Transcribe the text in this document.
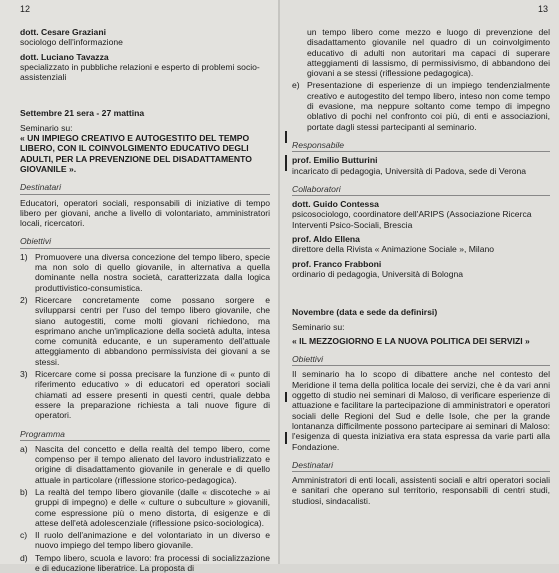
12
dott. Cesare Graziani
sociologo dell'informazione
dott. Luciano Tavazza
specializzato in pubbliche relazioni e esperto di problemi socio-assistenziali
Settembre 21 sera - 27 mattina
Seminario su:
« UN IMPIEGO CREATIVO E AUTOGESTITO DEL TEMPO LIBERO, CON IL COINVOLGIMENTO EDUCATIVO DEGLI ADULTI, PER LA PREVENZIONE DEL DISADATTAMENTO GIOVANILE ».
Destinatari

Educatori, operatori sociali, responsabili di iniziative di tempo libero per giovani, anche a livello di volontariato, amministratori locali, ricercatori.

Obiettivi
1) Promuovere una diversa concezione del tempo libero, specie ma non solo di quello giovanile, in alternativa a quella dominante nella nostra società, caratterizzata dalla logica produttivistico-consumistica.
2) Ricercare concretamente come possano sorgere e svilupparsi centri per l'uso del tempo libero giovanile, che siano autogestiti, come molti giovani richiedono, ma esprimano anche un'implicazione della società adulta, intesa come comunità educante, e un superamento dell'attuale atteggiamento di abbandono permissivista dei giovani a se stessi.
3) Ricercare come si possa precisare la funzione di « punto di riferimento educativo » di educatori ed operatori sociali chiamati ad essere presenti in questi centri, quale debba essere la preparazione richiesta a tali nuove figure di operatori.
Programma
a) Nascita del concetto e della realtà del tempo libero, come compenso per il tempo alienato del lavoro industrializzato e origine di disadattamento giovanile in generale e di quello attuale in particolare (riflessione storico-pedagogica).
b) La realtà del tempo libero giovanile (dalle « discoteche » ai gruppi di impegno) e delle « culture o subculture » giovanili, come espressione più o meno distorta, di esigenze e di attese dell'età adolescenziale (riflessione psico-sociologica).
c) Il ruolo dell'animazione e del volontariato in un diverso e nuovo impiego del tempo libero giovanile.
d) Tempo libero, scuola e lavoro: fra processi di socializzazione e di educazione liberatrice. La proposta di
13
un tempo libero come mezzo e luogo di prevenzione del disadattamento giovanile nel quadro di un coinvolgimento educativo di adulti non autoritari ma capaci di superare atteggiamenti di lassismo, di permissivismo, di abbandono dei giovani a se stessi (riflessione pedagogica).
e) Presentazione di esperienze di un impiego tendenzialmente creativo e autogestito del tempo libero, inteso non come tempo di evasione, ma neppure soltanto come tempo di impegno oblativo di pochi nel confronto coi più, di enti e associazioni, portate dagli stessi partecipanti al seminario.
Responsabile
prof. Emilio Butturini
incaricato di pedagogia, Università di Padova, sede di Verona
Collaboratori
dott. Guido Contessa
psicosociologo, coordinatore dell'ARIPS (Associazione Ricerca Interventi Psico-Sociali, Brescia
prof. Aldo Ellena
direttore della Rivista « Animazione Sociale », Milano
prof. Franco Frabboni
ordinario di pedagogia, Università di Bologna
Novembre (data e sede da definirsi)
Seminario su:
« IL MEZZOGIORNO E LA NUOVA POLITICA DEI SERVIZI »
Obiettivi

Il seminario ha lo scopo di dibattere anche nel contesto del Meridione il tema della politica locale dei servizi, che è da vari anni oggetto di studio nei seminari di Maloso, di verificare esperienze di attuazione e facilitare la partecipazione di amministratori e operatori sociali delle Regioni del Sud e delle Isole, che per la grande lontananza difficilmente possono partecipare ai seminari di Maloso: l'esigenza di questa iniziativa era stata espressa da varie parti alla Fondazione.

Destinatari

Amministratori di enti locali, assistenti sociali e altri operatori sociali e sanitari che operano sul territorio, responsabili di centri studi, studiosi, sindacalisti.
